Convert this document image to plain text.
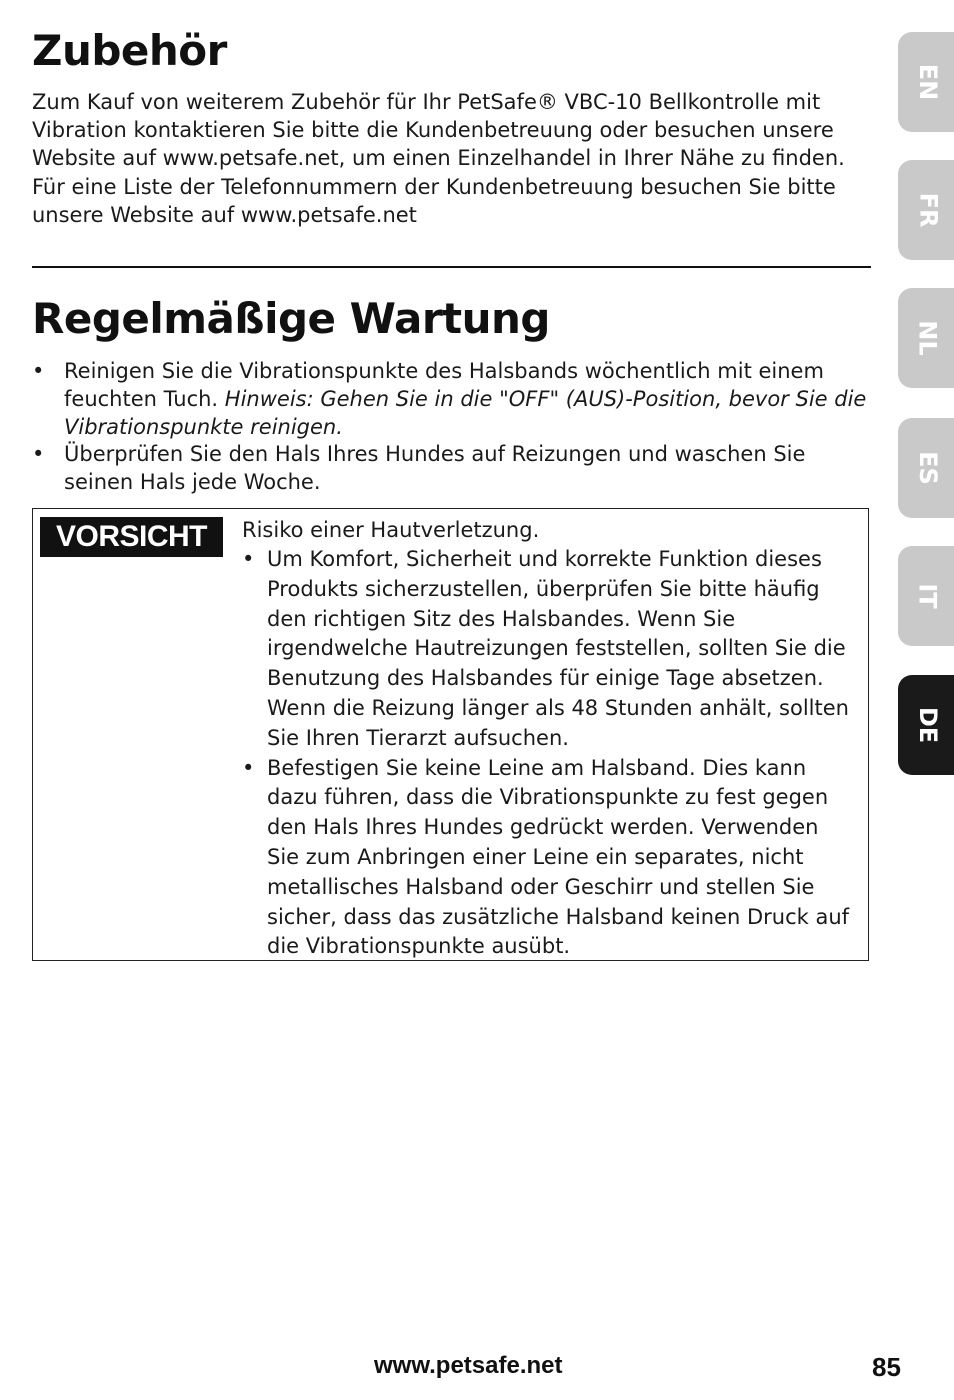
Zubehör

Zum Kauf von weiterem Zubehör für Ihr PetSafe® VBC-10 Bellkontrolle mit Vibration kontaktieren Sie bitte die Kundenbetreuung oder besuchen unsere Website auf www.petsafe.net, um einen Einzelhandel in Ihrer Nähe zu finden. Für eine Liste der Telefonnummern der Kundenbetreuung besuchen Sie bitte unsere Website auf www.petsafe.net

Regelmäßige Wartung
• Reinigen Sie die Vibrationspunkte des Halsbands wöchentlich mit einem feuchten Tuch. Hinweis: Gehen Sie in die "OFF" (AUS)-Position, bevor Sie die Vibrationspunkte reinigen.
• Überprüfen Sie den Hals Ihres Hundes auf Reizungen und waschen Sie seinen Hals jede Woche.
VORSICHT	Risiko einer Hautverletzung.
• Um Komfort, Sicherheit und korrekte Funktion dieses Produkts sicherzustellen, überprüfen Sie bitte häufig den richtigen Sitz des Halsbandes. Wenn Sie irgendwelche Hautreizungen feststellen, sollten Sie die Benutzung des Halsbandes für einige Tage absetzen. Wenn die Reizung länger als 48 Stunden anhält, sollten Sie Ihren Tierarzt aufsuchen.
• Befestigen Sie keine Leine am Halsband. Dies kann dazu führen, dass die Vibrationspunkte zu fest gegen den Hals Ihres Hundes gedrückt werden. Verwenden Sie zum Anbringen einer Leine ein separates, nicht metallisches Halsband oder Geschirr und stellen Sie sicher, dass das zusätzliche Halsband keinen Druck auf die Vibrationspunkte ausübt.
EN
FR
NL
ES
IT
DE
www.petsafe.net	85
